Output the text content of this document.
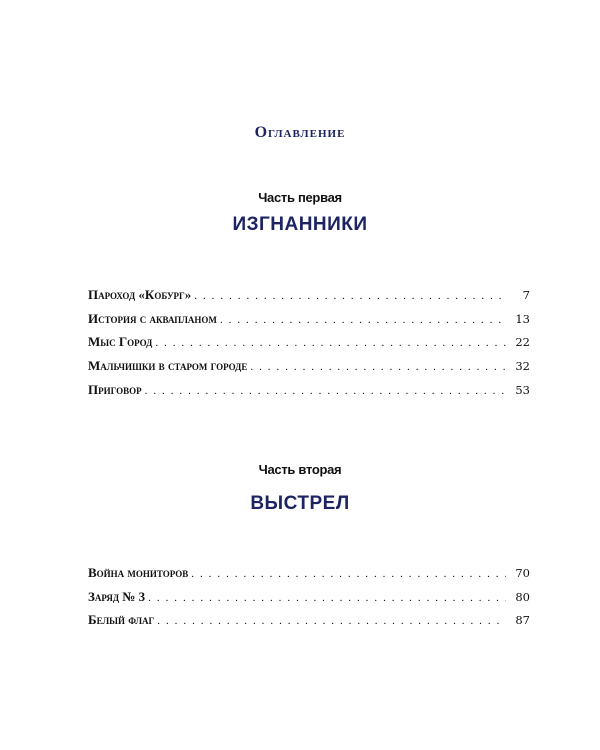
Оглавление
Часть первая
ИЗГНАННИКИ
Пароход «Кобург» . . .	7
История с аквапланом . . .	13
Мыс Город . . .	22
Мальчишки в старом городе . . .	32
Приговор . . .	53
Часть вторая
ВЫСТРЕЛ
Война мониторов . . .	70
Заряд № 3 . . .	80
Белый флаг . . .	87
